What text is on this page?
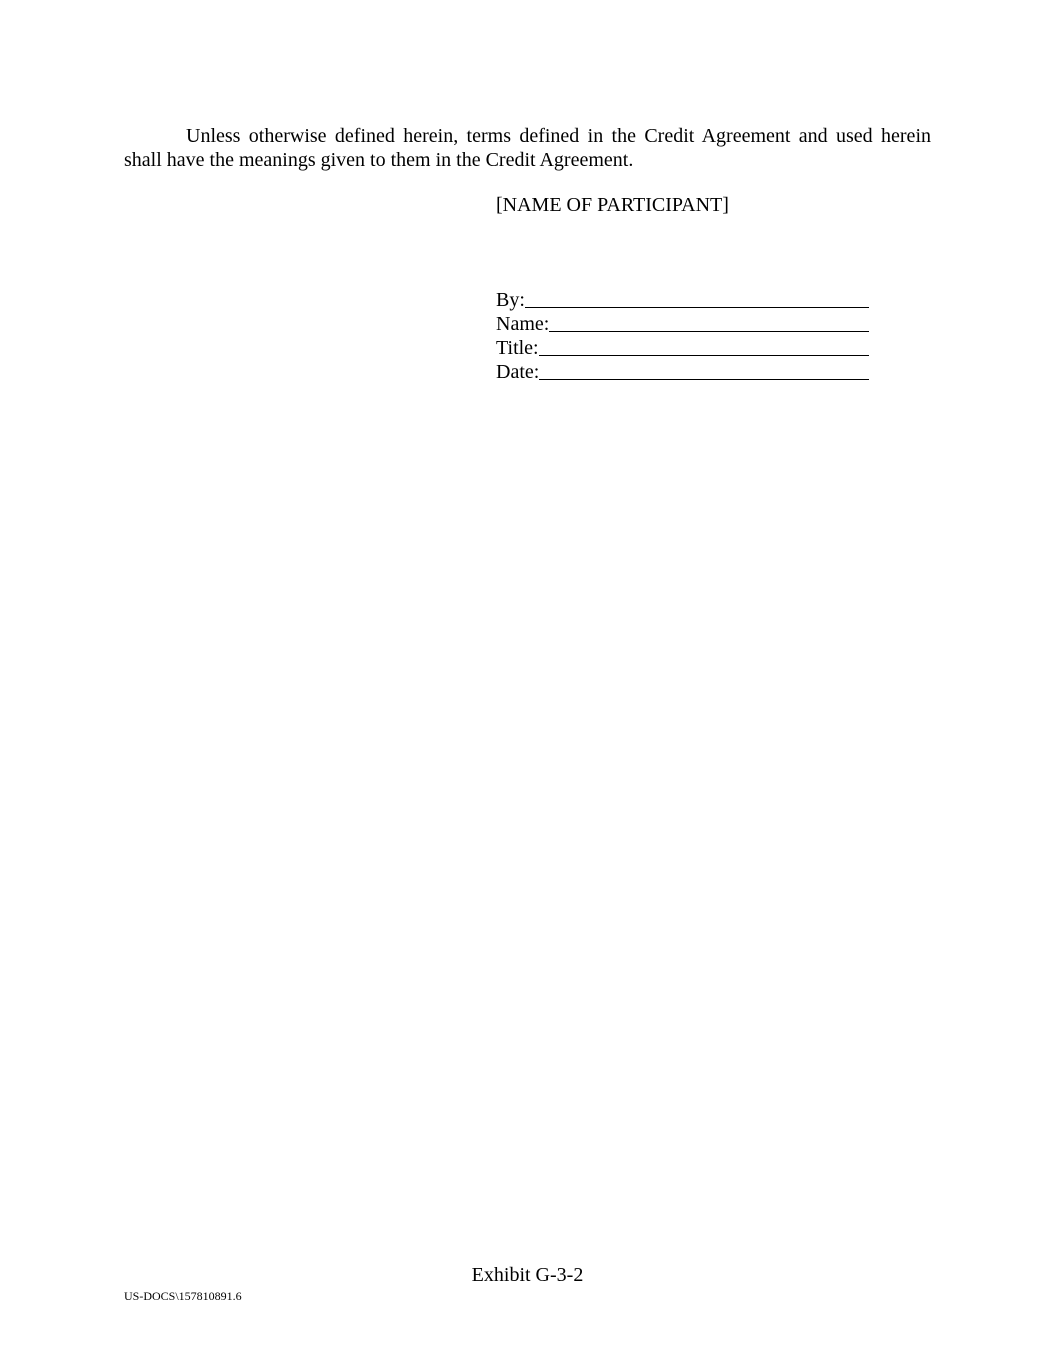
Unless otherwise defined herein, terms defined in the Credit Agreement and used herein shall have the meanings given to them in the Credit Agreement.

[NAME OF PARTICIPANT]
By:
Name:
Title:
Date:
Exhibit G-3-2
US-DOCS\157810891.6
